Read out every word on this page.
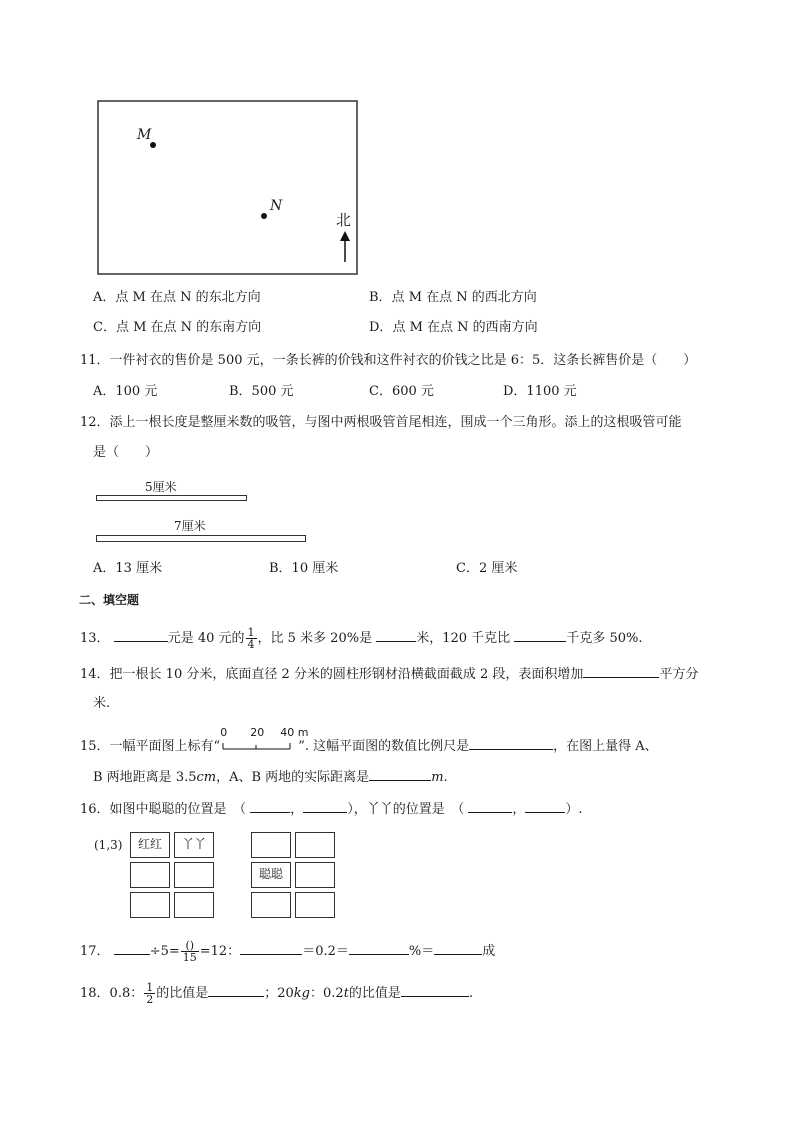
M
N
北
A．点 M 在点 N 的东北方向	B．点 M 在点 N 的西北方向
C．点 M 在点 N 的东南方向	D．点 M 在点 N 的西南方向
11．一件衬衣的售价是 500 元，一条长裤的价钱和这件衬衣的价钱之比是 6：5．这条长裤售价是（　　）
A．100 元	B．500 元	C．600 元	D．1100 元
12．添上一根长度是整厘米数的吸管，与图中两根吸管首尾相连，围成一个三角形。添上的这根吸管可能
是（　　）
5厘米
7厘米
A．13 厘米	B．10 厘米	C．2 厘米
二、填空题
13．	元是 40 元的 $\frac{1}{4}$ ，比 5 米多 20%是	米，120 千克比	千克多 50%.
14．把一根长 10 分米，底面直径 2 分米的圆柱形钢材沿横截面截成 2 段，表面积增加	平方分
米.
15．一幅平面图上标有“
0 20 40 m
”. 这幅平面图的数值比例尺是	，在图上量得 A、
B 两地距离是 3.5cm，A、B 两地的实际距离是	m.
16．如图中聪聪的位置是　（	，	），丫丫的位置是　（	，	）.
(1,3)	红红	丫丫
聪聪
17．	$\div 5= \frac{()}{15} =12$：	＝0.2＝	%＝	成
18．0.8： $\frac{1}{2}$ 的比值是	；20kg：0.2t的比值是	.
